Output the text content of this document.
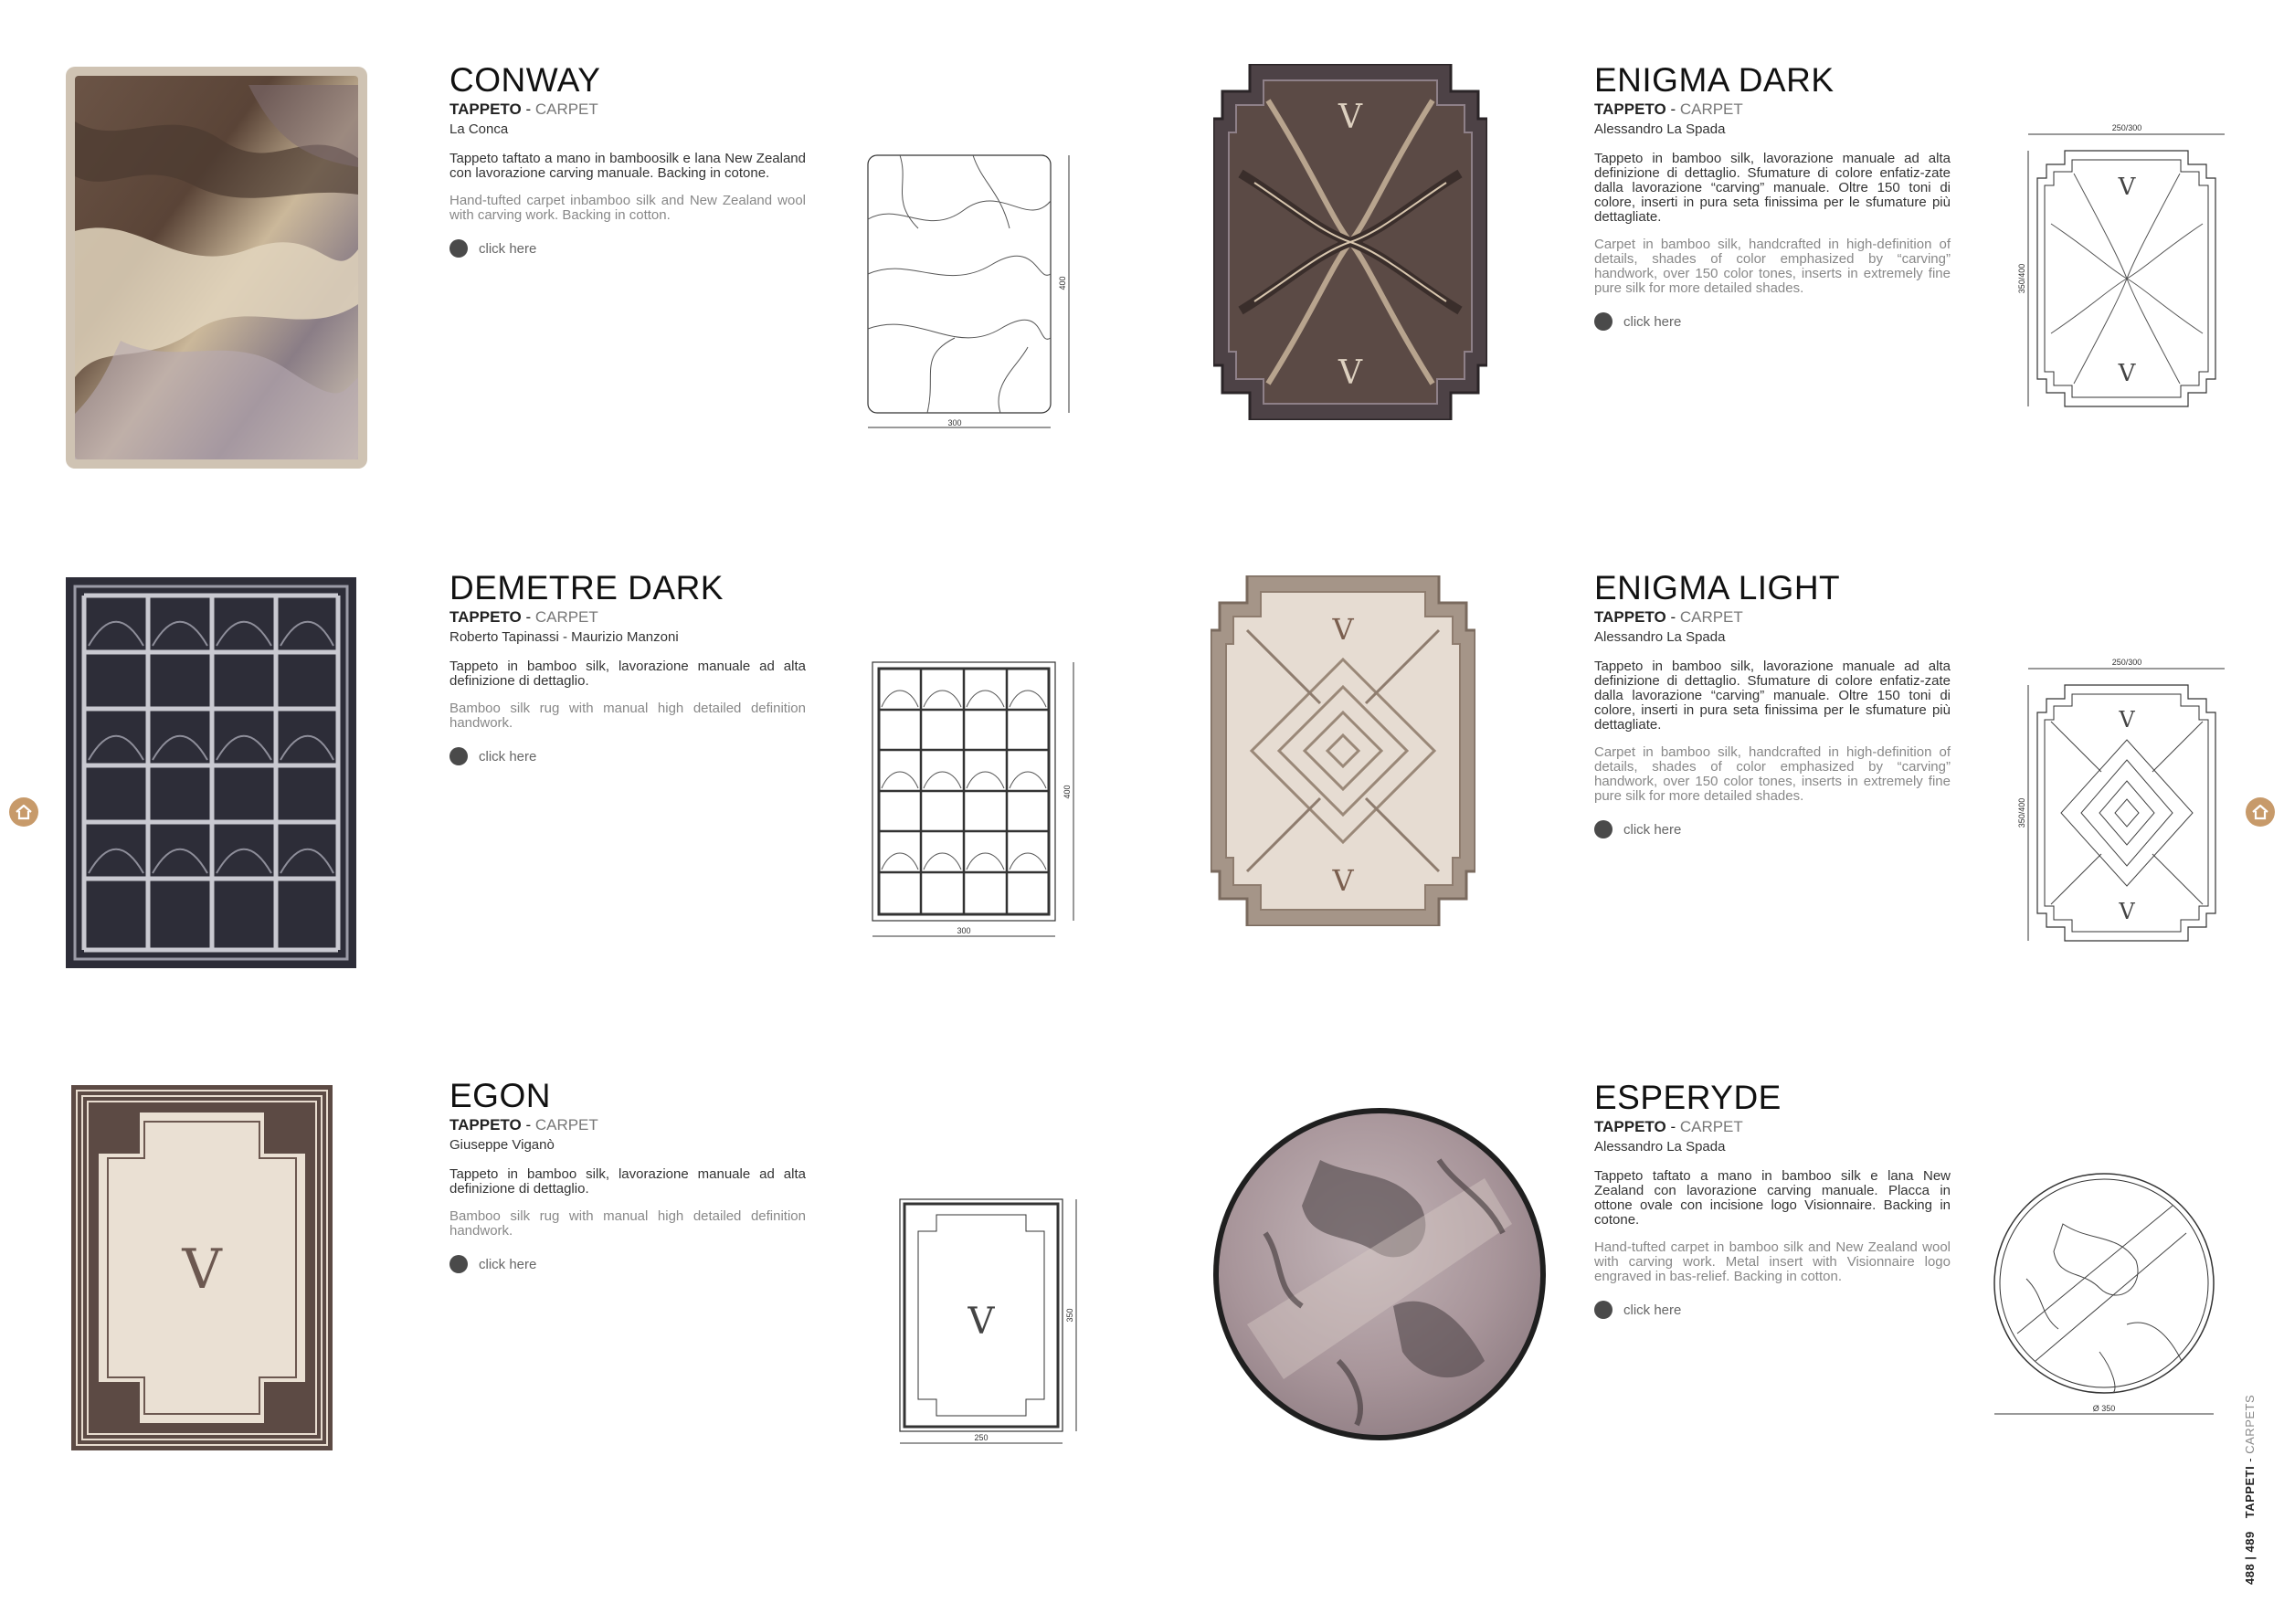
CONWAY
TAPPETO - CARPET
La Conca
Tappeto taftato a mano in bamboosilk e lana New Zealand con lavorazione carving manuale. Backing in cotone.
Hand-tufted carpet inbamboo silk and New Zealand wool with carving work. Backing in cotton.
click here
300
400
V
V
ENIGMA DARK
TAPPETO - CARPET
Alessandro La Spada
Tappeto in bamboo silk, lavorazione manuale ad alta definizione di dettaglio. Sfumature di colore enfatiz-zate dalla lavorazione “carving” manuale. Oltre 150 toni di colore, inserti in pura seta finissima per le sfumature più dettagliate.
Carpet in bamboo silk, handcrafted in high-definition of details, shades of color emphasized by “carving” handwork, over 150 color tones, inserts in extremely fine pure silk for more detailed shades.
click here
250/300
350/400
V
V
DEMETRE DARK
TAPPETO - CARPET
Roberto Tapinassi - Maurizio Manzoni
Tappeto in bamboo silk, lavorazione manuale ad alta definizione di dettaglio.
Bamboo silk rug with manual high detailed definition handwork.
click here
300
400
V
V
ENIGMA LIGHT
TAPPETO - CARPET
Alessandro La Spada
Tappeto in bamboo silk, lavorazione manuale ad alta definizione di dettaglio. Sfumature di colore enfatiz-zate dalla lavorazione “carving” manuale. Oltre 150 toni di colore, inserti in pura seta finissima per le sfumature più dettagliate.
Carpet in bamboo silk, handcrafted in high-definition of details, shades of color emphasized by “carving” handwork, over 150 color tones, inserts in extremely fine pure silk for more detailed shades.
click here
250/300
350/400
V
V
V
EGON
TAPPETO - CARPET
Giuseppe Viganò
Tappeto in bamboo silk, lavorazione manuale ad alta definizione di dettaglio.
Bamboo silk rug with manual high detailed definition handwork.
click here
V
250
350
ESPERYDE
TAPPETO - CARPET
Alessandro La Spada
Tappeto taftato a mano in bamboo silk e lana New Zealand con lavorazione carving manuale. Placca in ottone ovale con incisione logo Visionnaire. Backing in cotone.
Hand-tufted carpet in bamboo silk and New Zealand wool with carving work. Metal insert with Visionnaire logo engraved in bas-relief. Backing in cotton.
click here
Ø 350
488 | 489TAPPETI - CARPETS
